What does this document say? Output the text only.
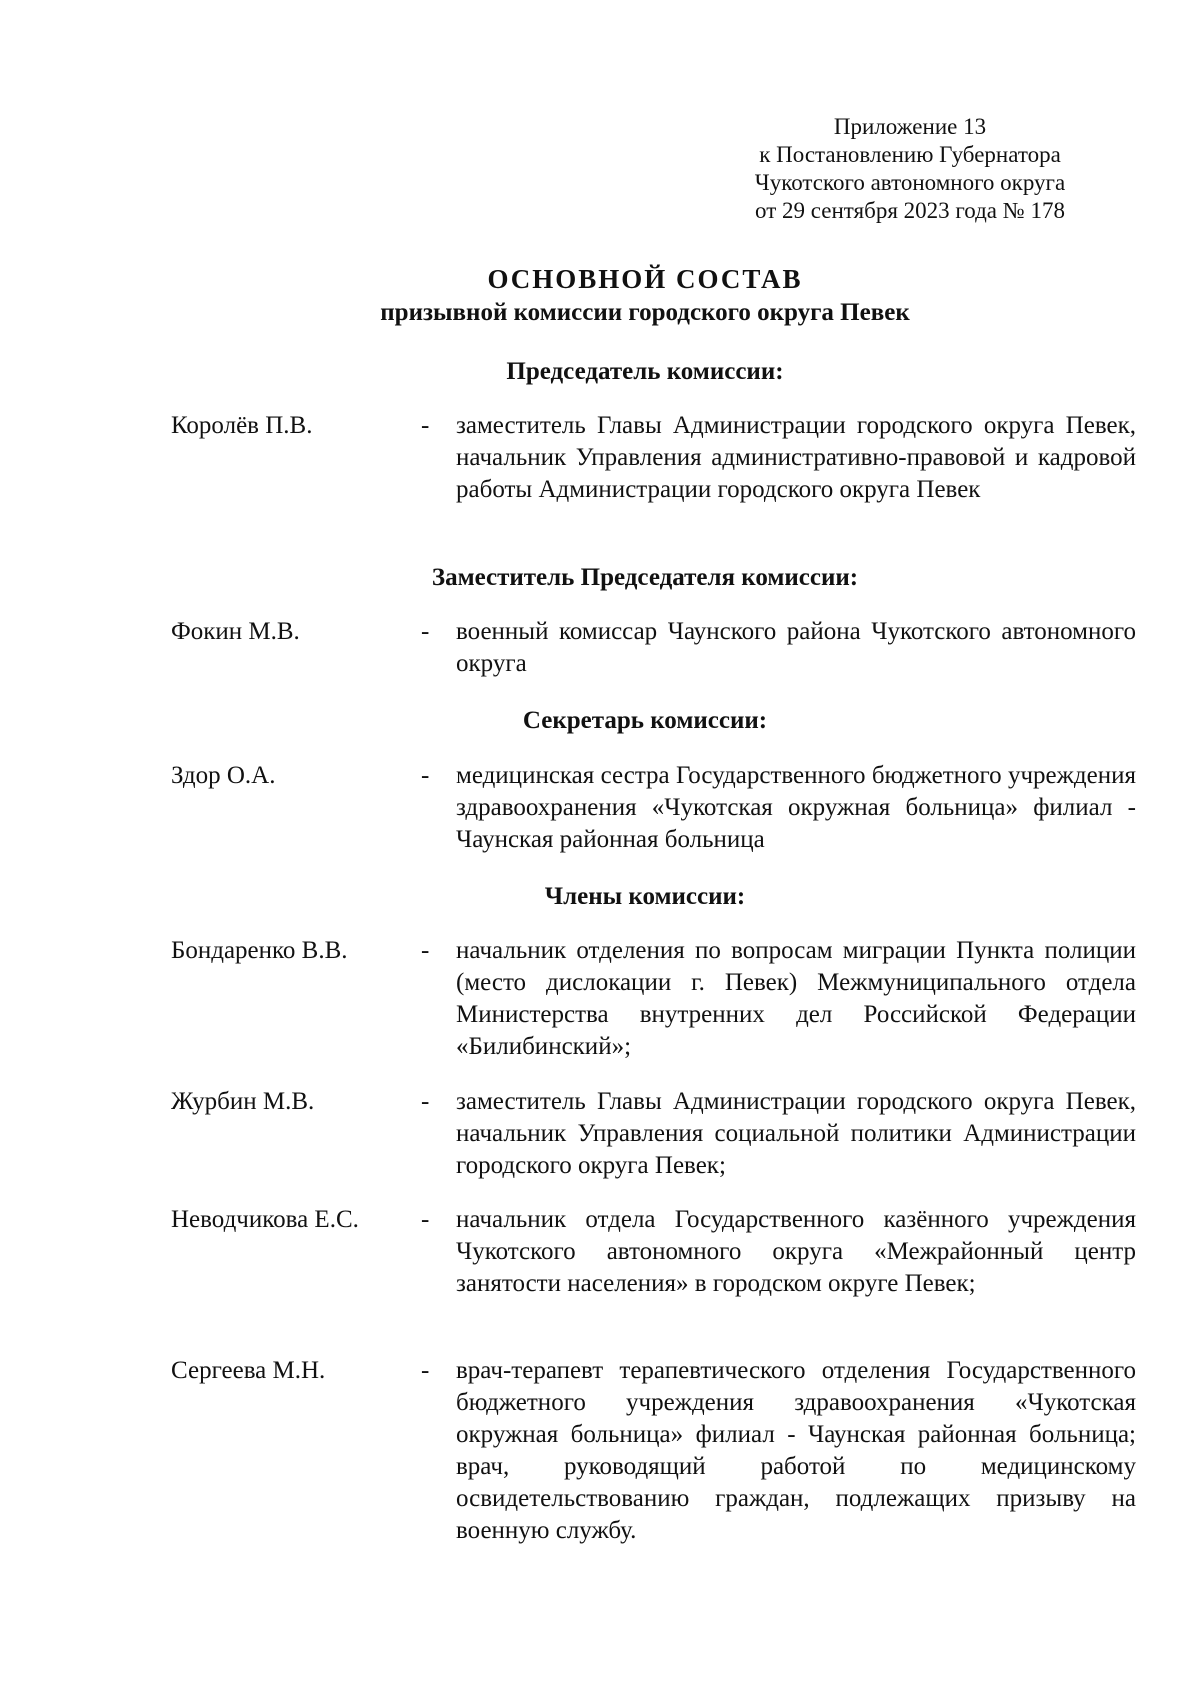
Приложение 13
к Постановлению Губернатора
Чукотского автономного округа
от 29 сентября 2023 года № 178
ОСНОВНОЙ СОСТАВ
призывной комиссии городского округа Певек
Председатель комиссии:
Королёв П.В.	- заместитель Главы Администрации городского округа Певек, начальник Управления административно-правовой и кадровой работы Администрации городского округа Певек
Заместитель Председателя комиссии:
Фокин М.В.	- военный комиссар Чаунского района Чукотского автономного округа
Секретарь комиссии:
Здор О.А.	- медицинская сестра Государственного бюджетного учреждения здравоохранения «Чукотская окружная больница» филиал - Чаунская районная больница
Члены комиссии:
Бондаренко В.В.	- начальник отделения по вопросам миграции Пункта полиции (место дислокации г. Певек) Межмуниципального отдела Министерства внутренних дел Российской Федерации «Билибинский»;
Журбин М.В.	- заместитель Главы Администрации городского округа Певек, начальник Управления социальной политики Администрации городского округа Певек;
Неводчикова Е.С. - начальник отдела Государственного казённого учреждения Чукотского автономного округа «Межрайонный центр занятости населения» в городском округе Певек;
Сергеева М.Н.	- врач-терапевт терапевтического отделения Государственного бюджетного учреждения здравоохранения «Чукотская окружная больница» филиал - Чаунская районная больница; врач, руководящий работой по медицинскому освидетельствованию граждан, подлежащих призыву на военную службу.
